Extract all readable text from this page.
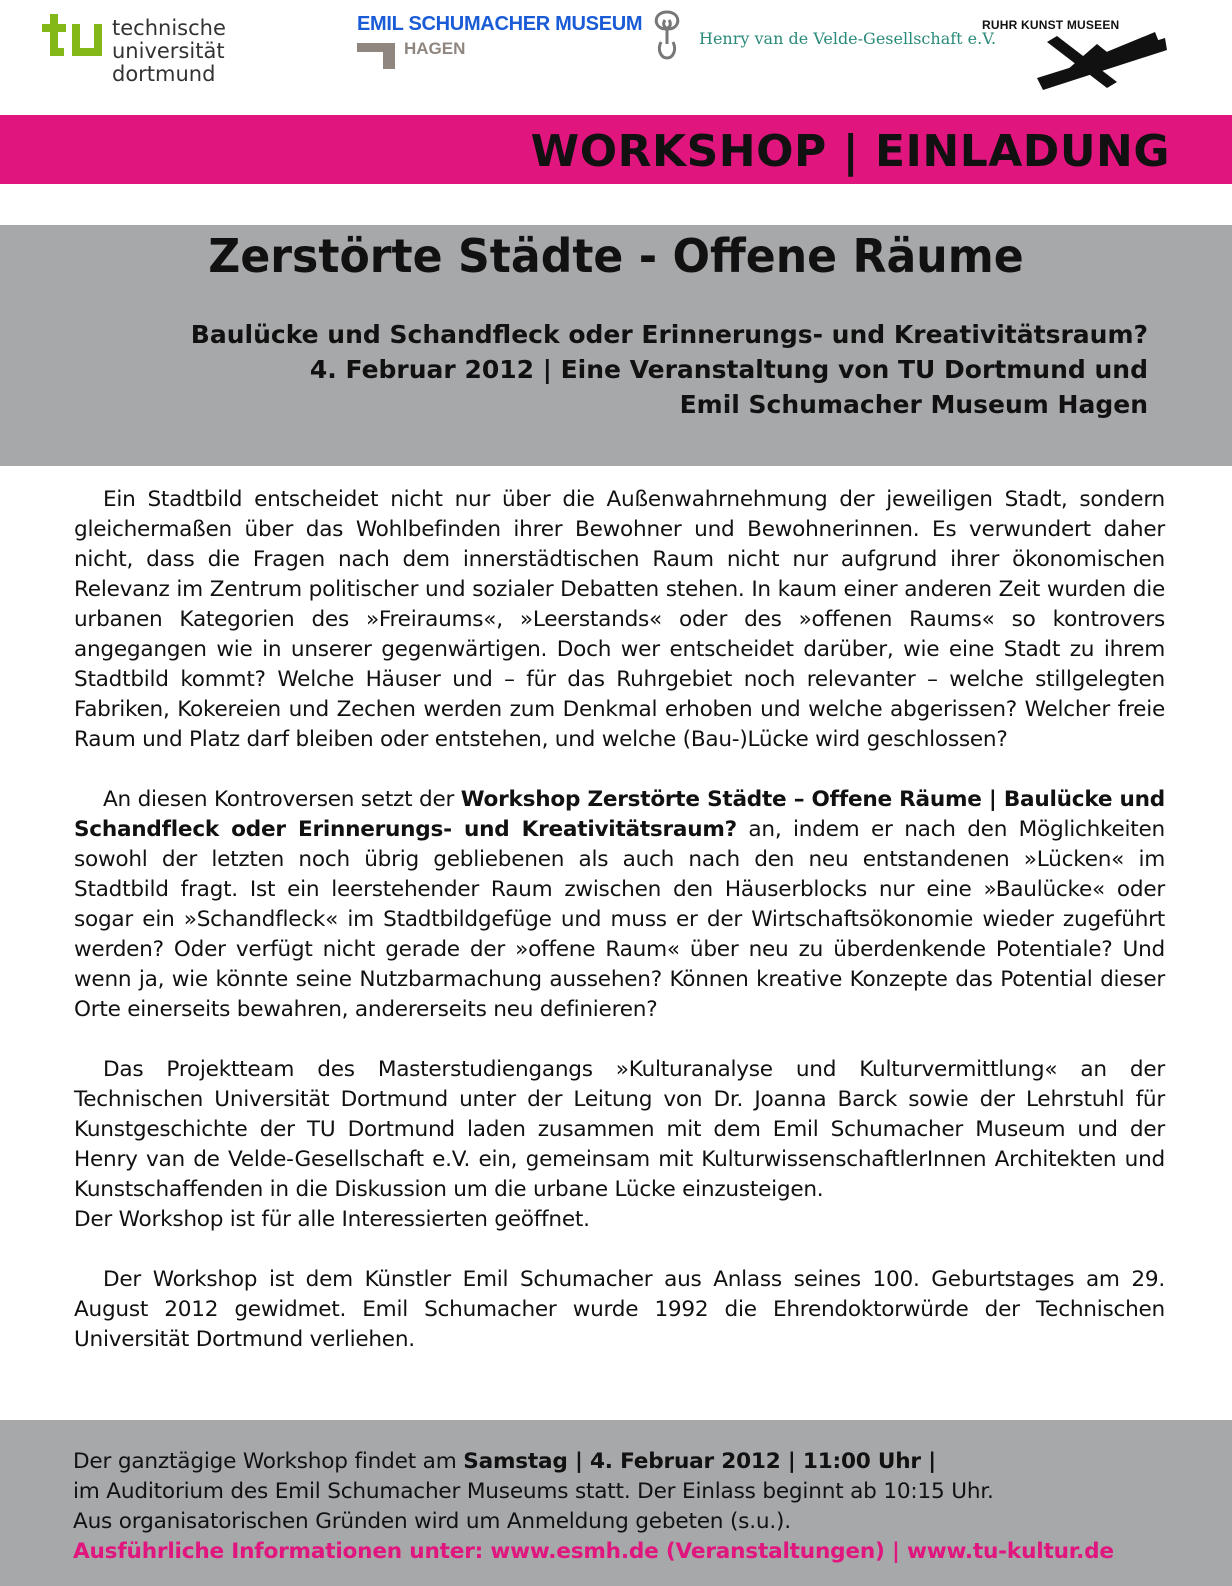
technische universität
dortmund
EMIL SCHUMACHER MUSEUM
HAGEN
Henry van de Velde-Gesellschaft e.V.
RUHR KUNST MUSEEN
WORKSHOP | EINLADUNG
Zerstörte Städte - Offene Räume
Baulücke und Schandfleck oder Erinnerungs- und Kreativitätsraum?
4. Februar 2012 | Eine Veranstaltung von TU Dortmund und
Emil Schumacher Museum Hagen

Ein Stadtbild entscheidet nicht nur über die Außenwahrnehmung der jeweiligen Stadt, sondern gleichermaßen über das Wohlbefinden ihrer Bewohner und Bewohnerinnen. Es verwundert daher nicht, dass die Fragen nach dem innerstädtischen Raum nicht nur aufgrund ihrer ökonomischen Relevanz im Zentrum politischer und sozialer Debatten stehen. In kaum einer anderen Zeit wurden die urbanen Kategorien des »Freiraums«, »Leerstands« oder des »offenen Raums« so kontrovers angegangen wie in unserer gegenwärtigen. Doch wer entscheidet darüber, wie eine Stadt zu ihrem Stadtbild kommt? Welche Häuser und – für das Ruhrgebiet noch relevanter – welche stillgelegten Fabriken, Kokereien und Zechen werden zum Denkmal erhoben und welche abgerissen? Welcher freie Raum und Platz darf bleiben oder entstehen, und welche (Bau-)Lücke wird geschlossen?

An diesen Kontroversen setzt der Workshop Zerstörte Städte – Offene Räume | Baulücke und Schandfleck oder Erinnerungs- und Kreativitätsraum? an, indem er nach den Möglichkeiten sowohl der letzten noch übrig gebliebenen als auch nach den neu entstandenen »Lücken« im Stadtbild fragt. Ist ein leerstehender Raum zwischen den Häuserblocks nur eine »Baulücke« oder sogar ein »Schandfleck« im Stadtbildgefüge und muss er der Wirtschaftsökonomie wieder zugeführt werden? Oder verfügt nicht gerade der »offene Raum« über neu zu überdenkende Potentiale? Und wenn ja, wie könnte seine Nutzbarmachung aussehen? Können kreative Konzepte das Potential dieser Orte einerseits bewahren, andererseits neu definieren?

Das Projektteam des Masterstudiengangs »Kulturanalyse und Kulturvermittlung« an der Technischen Universität Dortmund unter der Leitung von Dr. Joanna Barck sowie der Lehrstuhl für Kunstgeschichte der TU Dortmund laden zusammen mit dem Emil Schumacher Museum und der Henry van de Velde-Gesellschaft e.V. ein, gemeinsam mit KulturwissenschaftlerInnen Architekten und Kunstschaffenden in die Diskussion um die urbane Lücke einzusteigen.

Der Workshop ist für alle Interessierten geöffnet.

Der Workshop ist dem Künstler Emil Schumacher aus Anlass seines 100. Geburtstages am 29. August 2012 gewidmet. Emil Schumacher wurde 1992 die Ehrendoktorwürde der Technischen Universität Dortmund verliehen.

Der ganztägige Workshop findet am Samstag | 4. Februar 2012 | 11:00 Uhr |
im Auditorium des Emil Schumacher Museums statt. Der Einlass beginnt ab 10:15 Uhr.
Aus organisatorischen Gründen wird um Anmeldung gebeten (s.u.).
Ausführliche Informationen unter: www.esmh.de (Veranstaltungen) | www.tu-kultur.de
